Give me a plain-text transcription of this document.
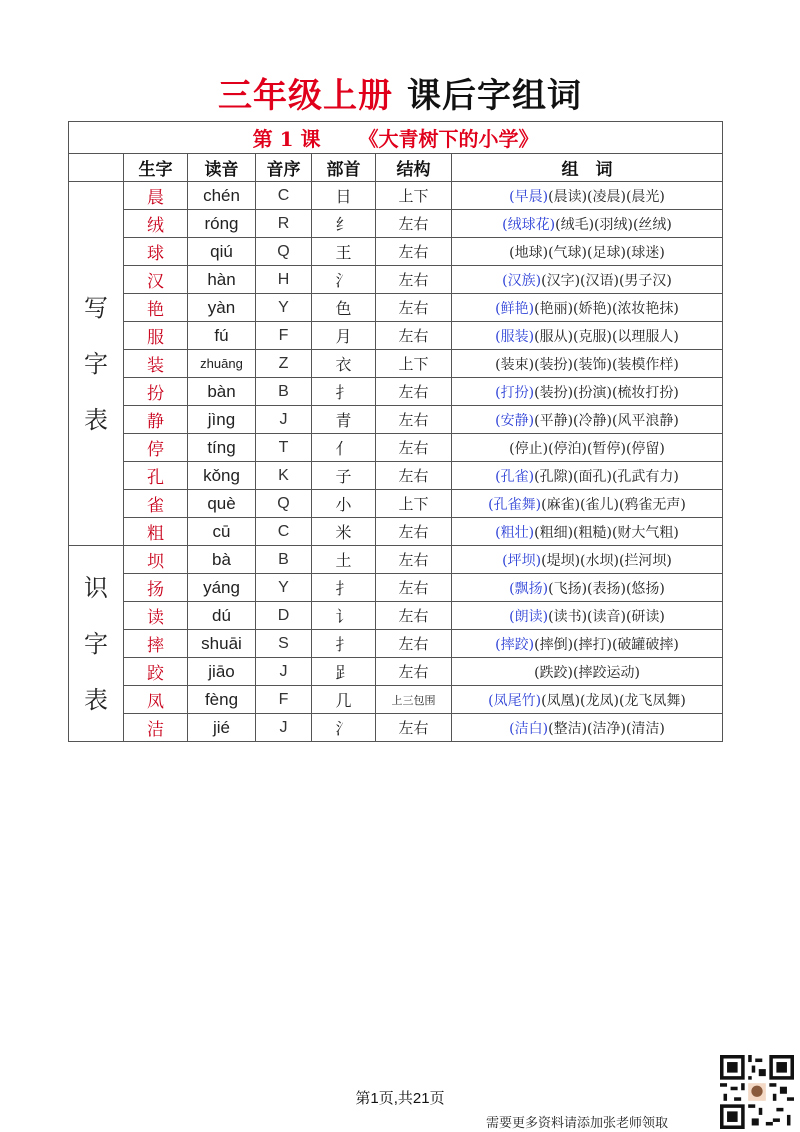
三年级上册 课后字组词
第 1 课 《大青树下的小学》						
	生字	读音	音序	部首	结构	组　词

写
字
表	晨	chén	C	日	上下	(早晨)(晨读)(凌晨)(晨光)
	绒	róng	R	纟	左右	(绒球花)(绒毛)(羽绒)(丝绒)
	球	qiú	Q	王	左右	(地球)(气球)(足球)(球迷)
	汉	hàn	H	氵	左右	(汉族)(汉字)(汉语)(男子汉)
	艳	yàn	Y	色	左右	(鲜艳)(艳丽)(娇艳)(浓妆艳抹)
	服	fú	F	月	左右	(服装)(服从)(克服)(以理服人)
	装	zhuāng	Z	衣	上下	(装束)(装扮)(装饰)(装模作样)
	扮	bàn	B	扌	左右	(打扮)(装扮)(扮演)(梳妆打扮)
	静	jìng	J	青	左右	(安静)(平静)(冷静)(风平浪静)
	停	tíng	T	亻	左右	(停止)(停泊)(暂停)(停留)
	孔	kǒng	K	子	左右	(孔雀)(孔隙)(面孔)(孔武有力)
	雀	què	Q	小	上下	(孔雀舞)(麻雀)(雀儿)(鸦雀无声)
	粗	cū	C	米	左右	(粗壮)(粗细)(粗糙)(财大气粗)

识
字
表	坝	bà	B	土	左右	(坪坝)(堤坝)(水坝)(拦河坝)
	扬	yáng	Y	扌	左右	(飘扬)(飞扬)(表扬)(悠扬)
	读	dú	D	讠	左右	(朗读)(读书)(读音)(研读)
	摔	shuāi	S	扌	左右	(摔跤)(摔倒)(摔打)(破罐破摔)
	跤	jiāo	J	𧾷	左右	(跌跤)(摔跤运动)
	凤	fèng	F	几	上三包围	(凤尾竹)(凤凰)(龙凤)(龙飞凤舞)
	洁	jié	J	氵	左右	(洁白)(整洁)(洁净)(清洁)
第1页,共21页
需要更多资料请添加张老师领取
